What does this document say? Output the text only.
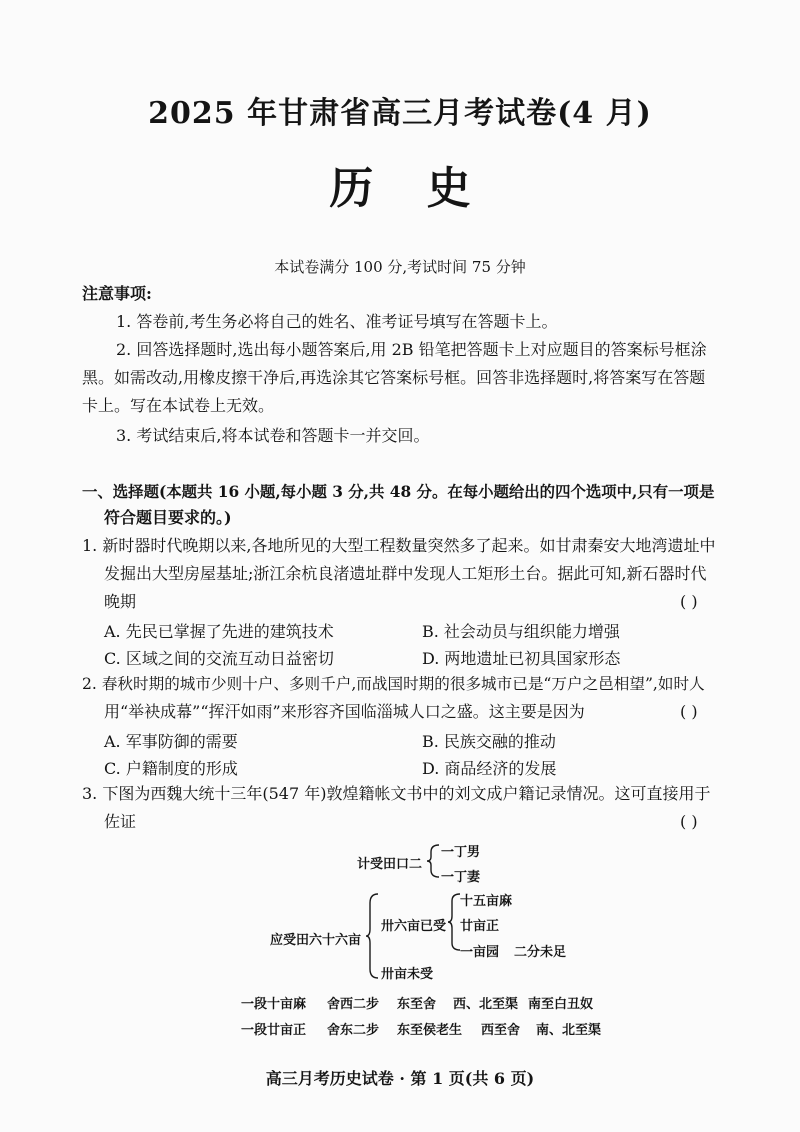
2025 年甘肃省高三月考试卷(4 月)
历 史
本试卷满分 100 分,考试时间 75 分钟
注意事项:
1. 答卷前,考生务必将自己的姓名、准考证号填写在答题卡上。
2. 回答选择题时,选出每小题答案后,用 2B 铅笔把答题卡上对应题目的答案标号框涂
黑。如需改动,用橡皮擦干净后,再选涂其它答案标号框。回答非选择题时,将答案写在答题
卡上。写在本试卷上无效。
3. 考试结束后,将本试卷和答题卡一并交回。
一、选择题(本题共 16 小题,每小题 3 分,共 48 分。在每小题给出的四个选项中,只有一项是
符合题目要求的。)
1. 新时器时代晚期以来,各地所见的大型工程数量突然多了起来。如甘肃秦安大地湾遗址中
发掘出大型房屋基址;浙江余杭良渚遗址群中发现人工矩形土台。据此可知,新石器时代
晚期	( )
A. 先民已掌握了先进的建筑技术	B. 社会动员与组织能力增强
C. 区域之间的交流互动日益密切	D. 两地遗址已初具国家形态
2. 春秋时期的城市少则十户、多则千户,而战国时期的很多城市已是“万户之邑相望”,如时人
用“举袂成幕”“挥汗如雨”来形容齐国临淄城人口之盛。这主要是因为	( )
A. 军事防御的需要	B. 民族交融的推动
C. 户籍制度的形成	D. 商品经济的发展
3. 下图为西魏大统十三年(547 年)敦煌籍帐文书中的刘文成户籍记录情况。这可直接用于
佐证	( )
计受田口二
一丁男
一丁妻
应受田六十六亩
卅六亩已受
卅亩未受
十五亩麻
廿亩正
一亩园 二分未足
一段十亩麻 舍西二步 东至舍 西、北至渠 南至白丑奴
一段廿亩正 舍东二步 东至侯老生 西至舍 南、北至渠
高三月考历史试卷 · 第 1 页(共 6 页)
